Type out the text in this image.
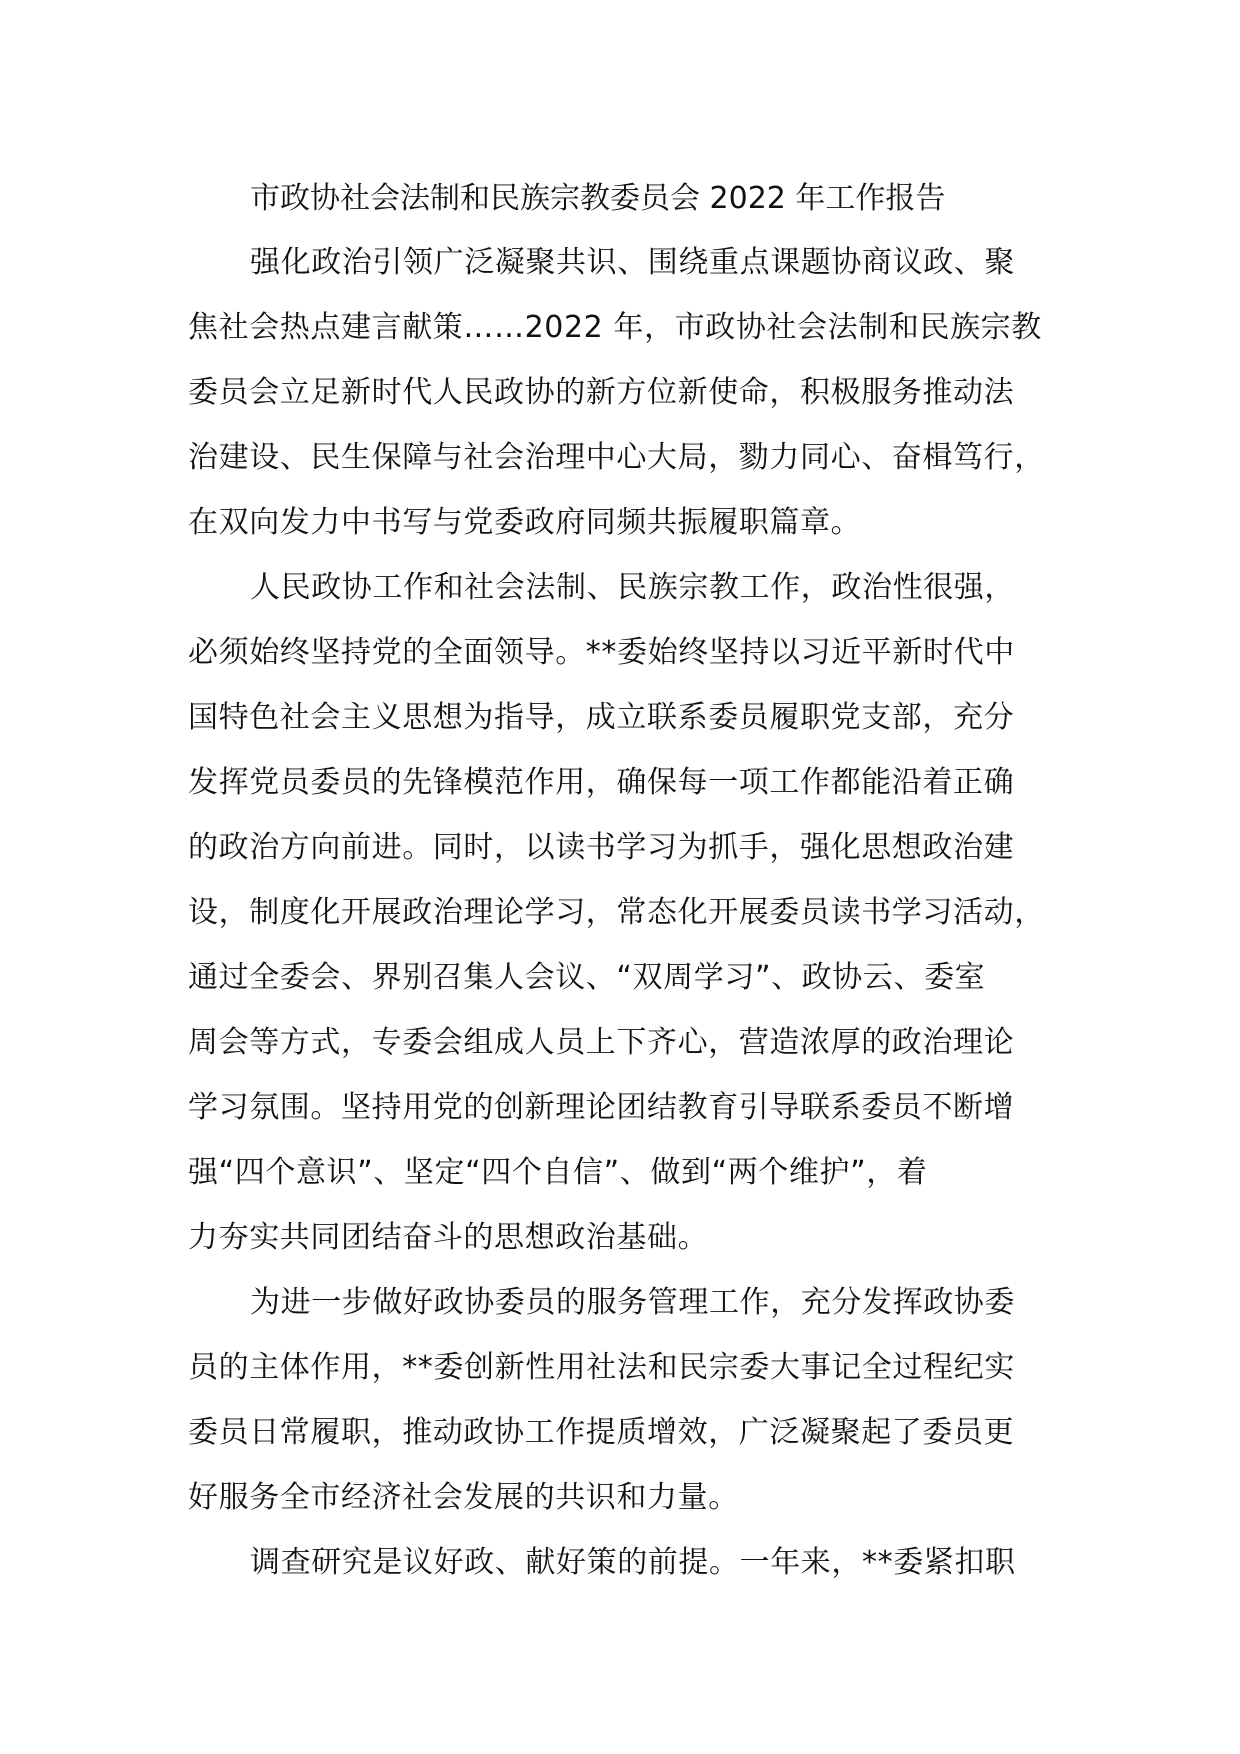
市政协社会法制和民族宗教委员会 2022 年工作报告
强化政治引领广泛凝聚共识、围绕重点课题协商议政、聚
焦社会热点建言献策……2022 年，市政协社会法制和民族宗教
委员会立足新时代人民政协的新方位新使命，积极服务推动法
治建设、民生保障与社会治理中心大局，勠力同心、奋楫笃行，
在双向发力中书写与党委政府同频共振履职篇章。
人民政协工作和社会法制、民族宗教工作，政治性很强，
必须始终坚持党的全面领导。**委始终坚持以习近平新时代中
国特色社会主义思想为指导，成立联系委员履职党支部，充分
发挥党员委员的先锋模范作用，确保每一项工作都能沿着正确
的政治方向前进。同时，以读书学习为抓手，强化思想政治建
设，制度化开展政治理论学习，常态化开展委员读书学习活动，
通过全委会、界别召集人会议、“双周学习”、政协云、委室
周会等方式，专委会组成人员上下齐心，营造浓厚的政治理论
学习氛围。坚持用党的创新理论团结教育引导联系委员不断增
强“四个意识”、坚定“四个自信”、做到“两个维护”，着
力夯实共同团结奋斗的思想政治基础。
为进一步做好政协委员的服务管理工作，充分发挥政协委
员的主体作用，**委创新性用社法和民宗委大事记全过程纪实
委员日常履职，推动政协工作提质增效，广泛凝聚起了委员更
好服务全市经济社会发展的共识和力量。
调查研究是议好政、献好策的前提。一年来，**委紧扣职
